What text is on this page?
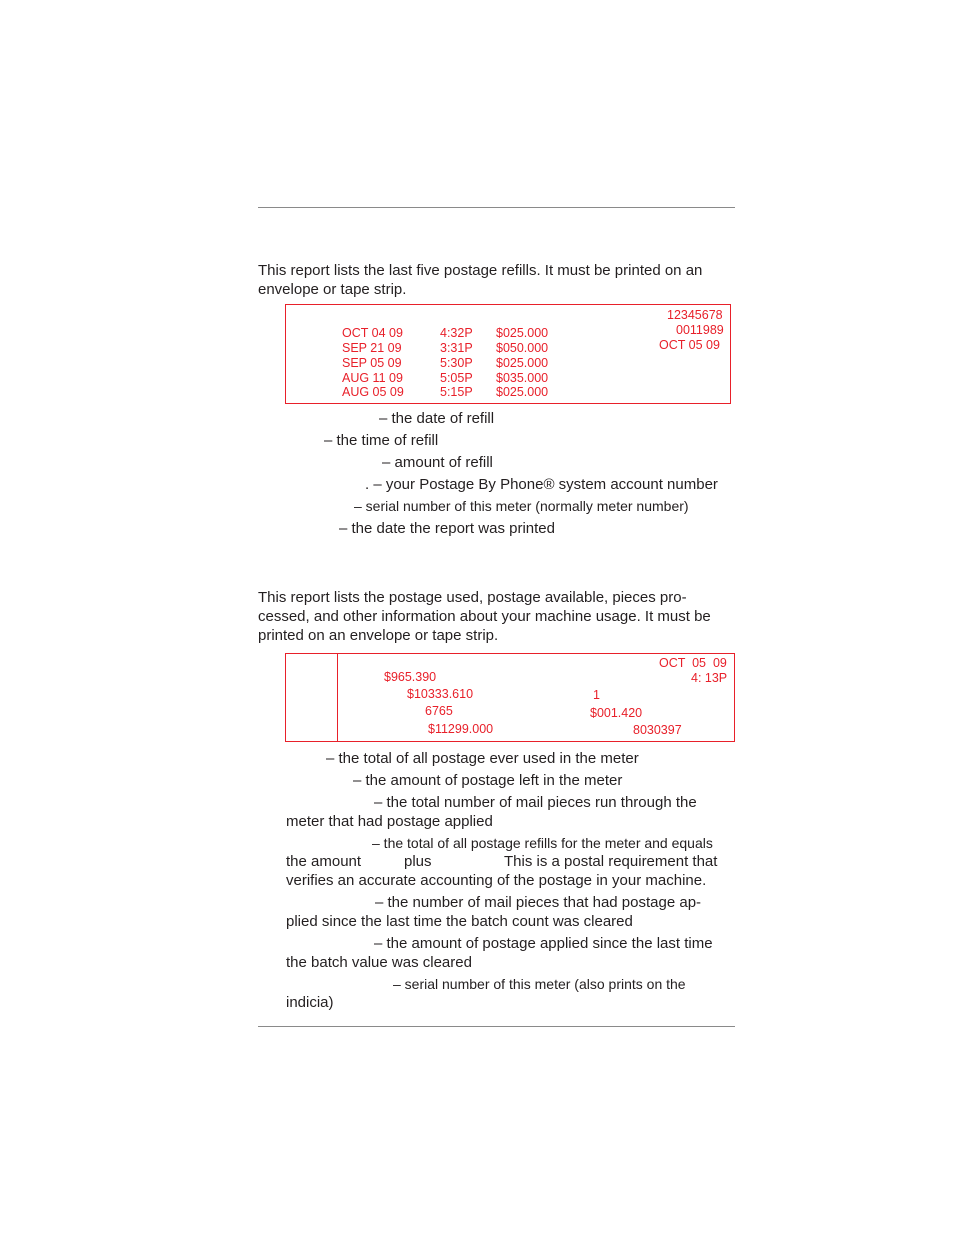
This report lists the last five postage refills. It must be printed on an
envelope or tape strip.
OCT 04 09	4:32P $025.000
SEP 21 09	3:31P $050.000
SEP 05 09	5:30P $025.000
AUG 11 09	5:05P $035.000
AUG 05 09	5:15P $025.000
12345678
0011989
OCT 05 09
– the date of refill
– the time of refill
– amount of refill
. – your Postage By Phone® system account number
– serial number of this meter (normally meter number)
– the date the report was printed
This report lists the postage used, postage available, pieces pro-
cessed, and other information about your machine usage. It must be
printed on an envelope or tape strip.
$965.390
$10333.610
6765
$11299.000
OCT  05  09
4: 13P
1
$001.420
8030397
– the total of all postage ever used in the meter
– the amount of postage left in the meter
– the total number of mail pieces run through the
meter that had postage applied
– the total of all postage refills for the meter and equals
the amount	plus	This is a postal requirement that
verifies an accurate accounting of the postage in your machine.
– the number of mail pieces that had postage ap-
plied since the last time the batch count was cleared
– the amount of postage applied since the last time
the batch value was cleared
– serial number of this meter (also prints on the
indicia)
